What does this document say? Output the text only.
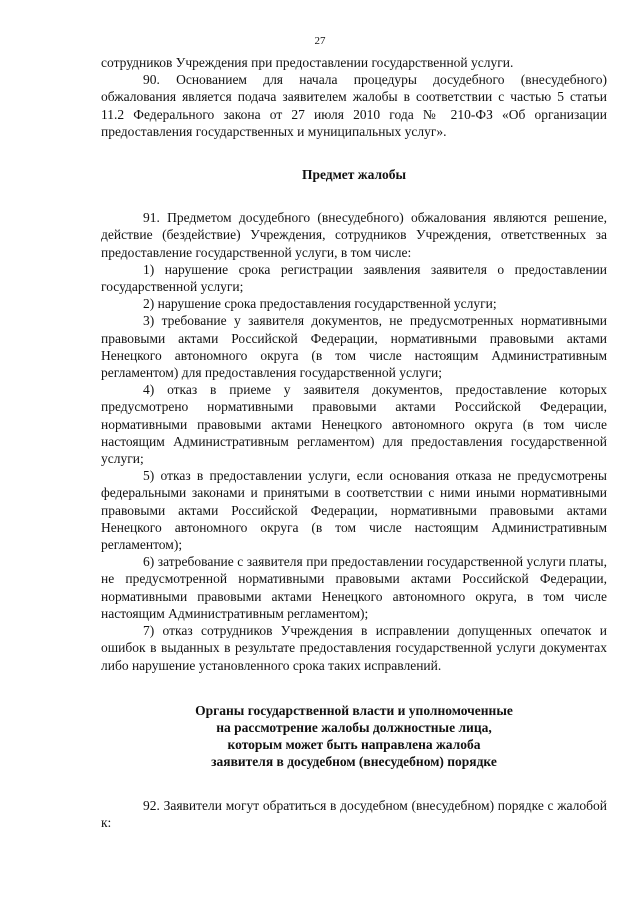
27

сотрудников Учреждения при предоставлении государственной услуги.

90. Основанием для начала процедуры досудебного (внесудебного) обжалования является подача заявителем жалобы в соответствии с частью 5 статьи 11.2 Федерального закона от 27 июля 2010 года № 210-ФЗ «Об организации предоставления государственных и муниципальных услуг».

Предмет жалобы

91. Предметом досудебного (внесудебного) обжалования являются решение, действие (бездействие) Учреждения, сотрудников Учреждения, ответственных за предоставление государственной услуги, в том числе:

1) нарушение срока регистрации заявления заявителя о предоставлении государственной услуги;

2) нарушение срока предоставления государственной услуги;

3) требование у заявителя документов, не предусмотренных нормативными правовыми актами Российской Федерации, нормативными правовыми актами Ненецкого автономного округа (в том числе настоящим Административным регламентом) для предоставления государственной услуги;

4) отказ в приеме у заявителя документов, предоставление которых предусмотрено нормативными правовыми актами Российской Федерации, нормативными правовыми актами Ненецкого автономного округа (в том числе настоящим Административным регламентом) для предоставления государственной услуги;

5) отказ в предоставлении услуги, если основания отказа не предусмотрены федеральными законами и принятыми в соответствии с ними иными нормативными правовыми актами Российской Федерации, нормативными правовыми актами Ненецкого автономного округа (в том числе настоящим Административным регламентом);

6) затребование с заявителя при предоставлении государственной услуги платы, не предусмотренной нормативными правовыми актами Российской Федерации, нормативными правовыми актами Ненецкого автономного округа, в том числе настоящим Административным регламентом);

7) отказ сотрудников Учреждения в исправлении допущенных опечаток и ошибок в выданных в результате предоставления государственной услуги документах либо нарушение установленного срока таких исправлений.

Органы государственной власти и уполномоченные
на рассмотрение жалобы должностные лица,
которым может быть направлена жалоба
заявителя в досудебном (внесудебном) порядке

92. Заявители могут обратиться в досудебном (внесудебном) порядке с жалобой к:
